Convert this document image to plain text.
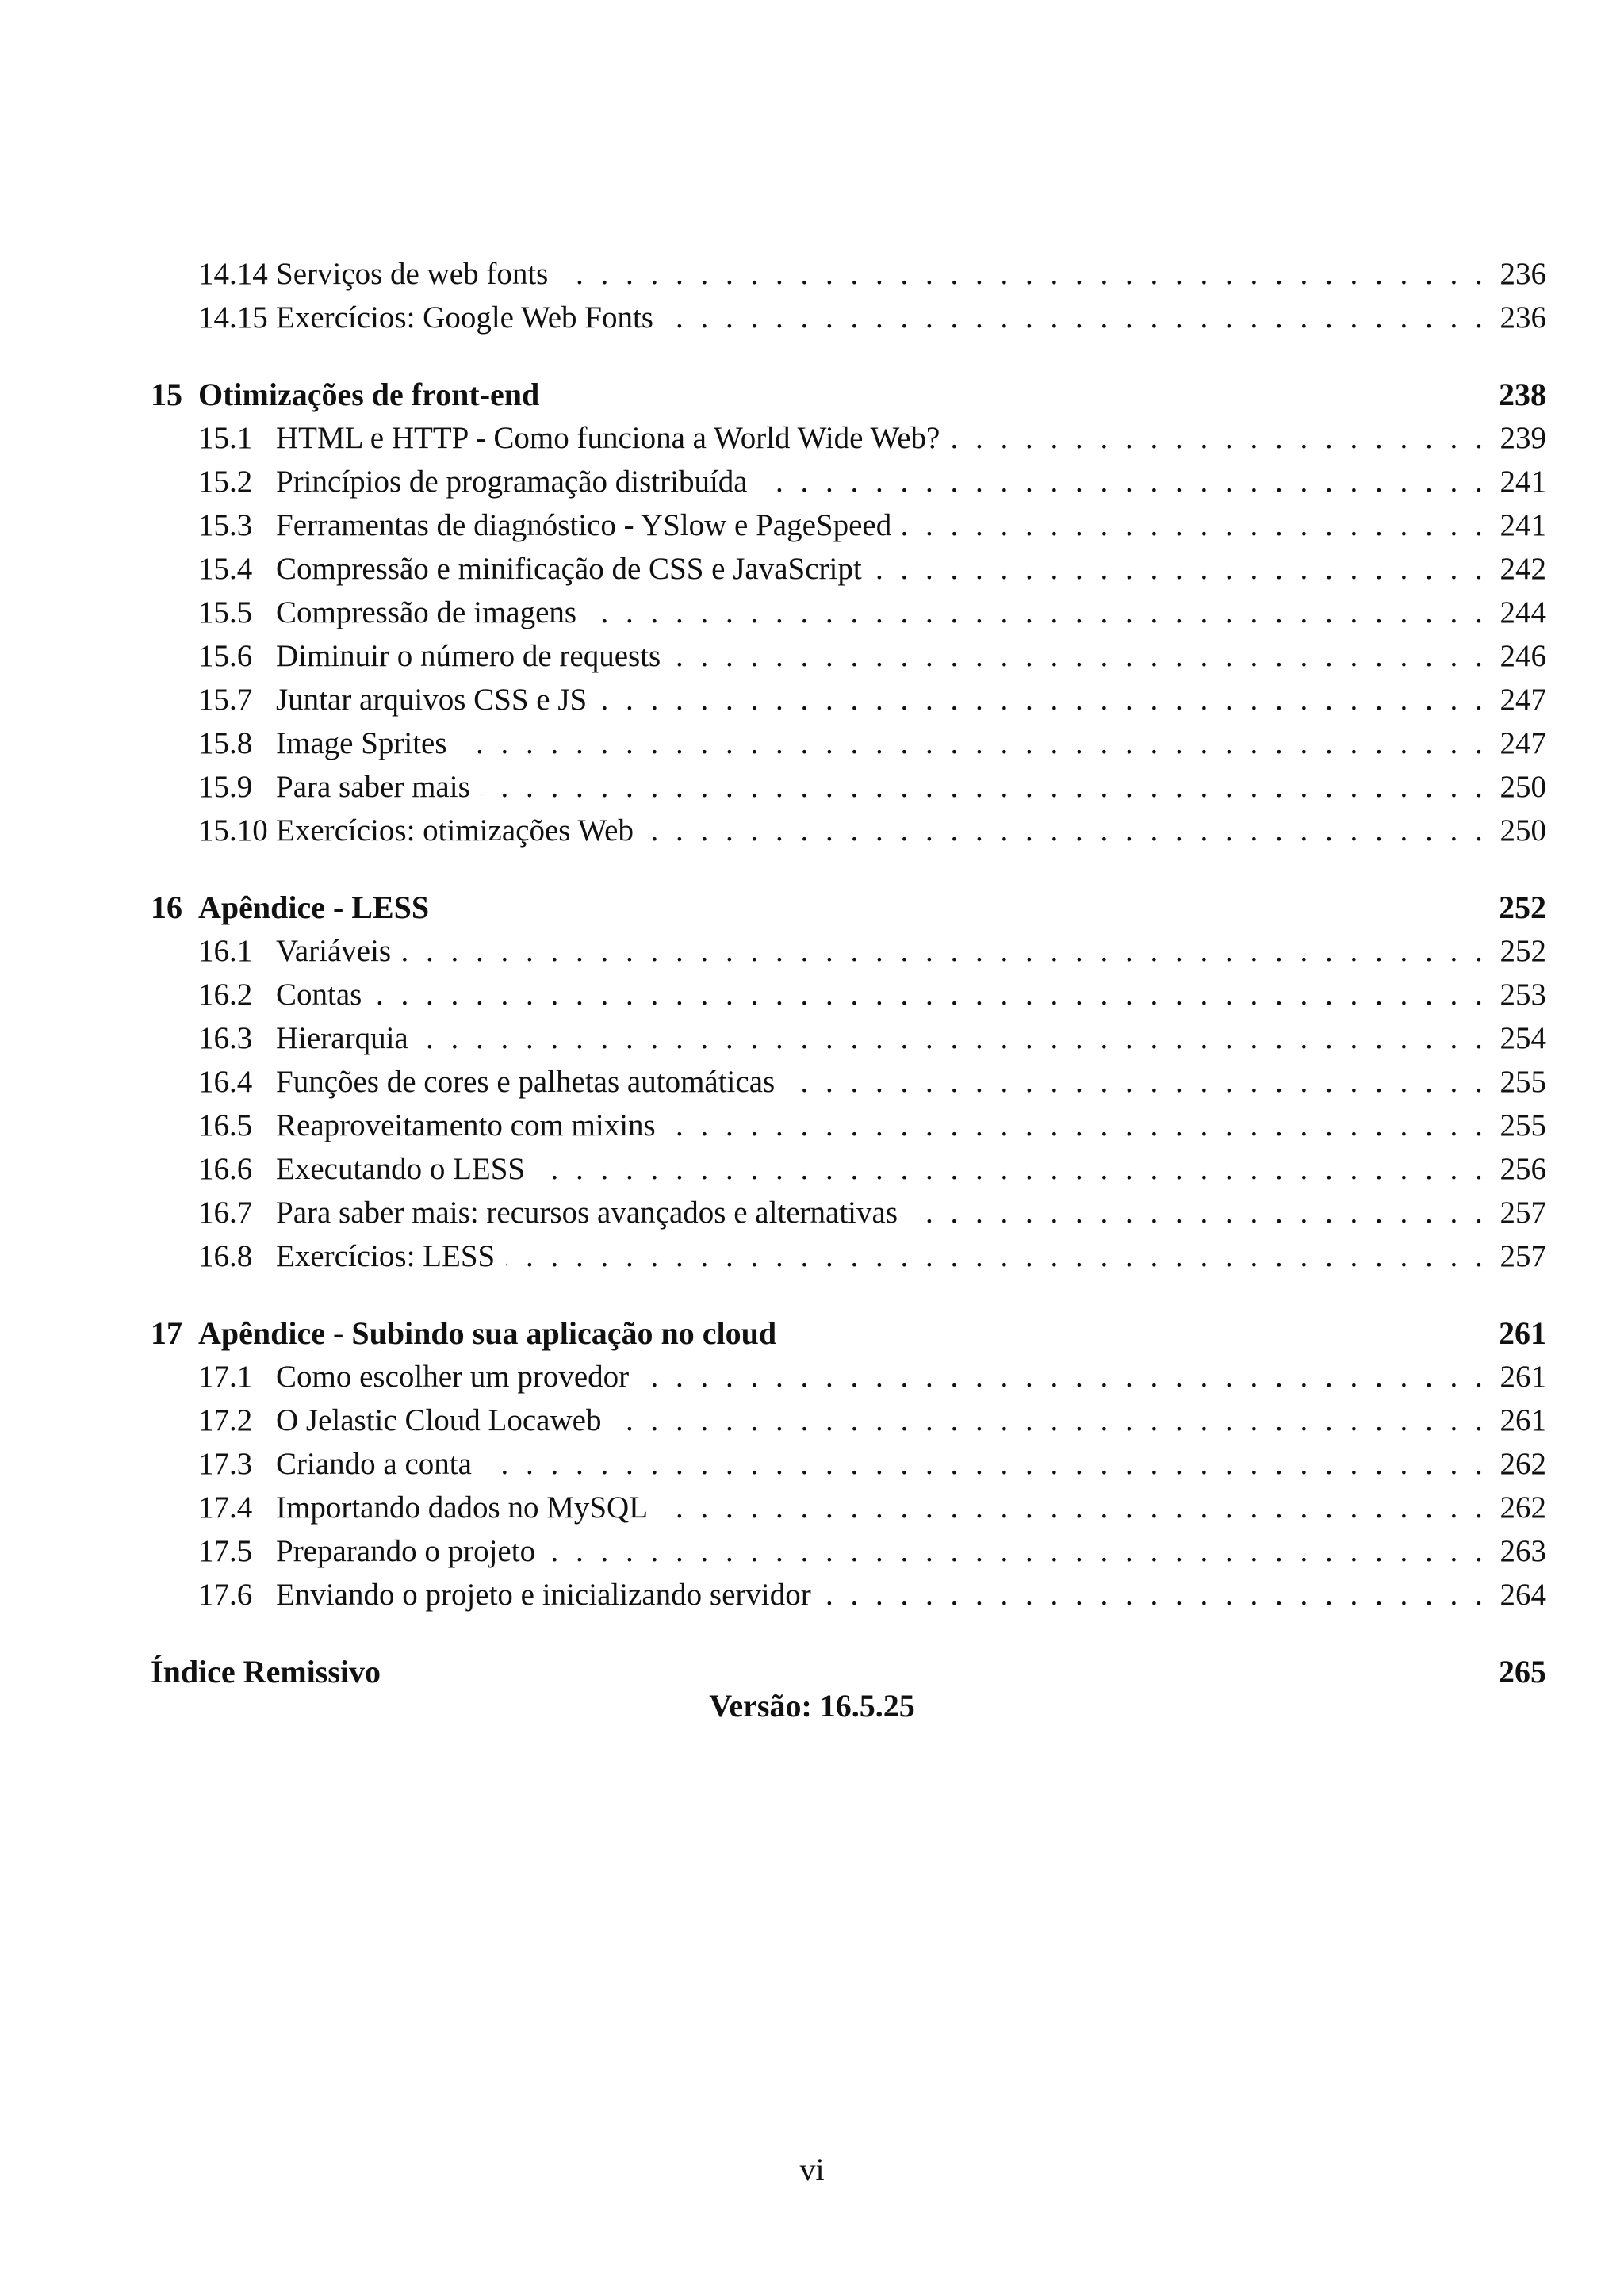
14.14 Serviços de web fonts . . .	236
14.15 Exercícios: Google Web Fonts . . .	236
15 Otimizações de front-end	238
15.1 HTML e HTTP - Como funciona a World Wide Web? . . .	239
15.2 Princípios de programação distribuída . . .	241
15.3 Ferramentas de diagnóstico - YSlow e PageSpeed . . .	241
15.4 Compressão e minificação de CSS e JavaScript . . .	242
15.5 Compressão de imagens . . .	244
15.6 Diminuir o número de requests . . .	246
15.7 Juntar arquivos CSS e JS . . .	247
15.8 Image Sprites . . .	247
15.9 Para saber mais . . .	250
15.10 Exercícios: otimizações Web . . .	250
16 Apêndice - LESS	252
16.1 Variáveis . . .	252
16.2 Contas . . .	253
16.3 Hierarquia . . .	254
16.4 Funções de cores e palhetas automáticas . . .	255
16.5 Reaproveitamento com mixins . . .	255
16.6 Executando o LESS . . .	256
16.7 Para saber mais: recursos avançados e alternativas . . .	257
16.8 Exercícios: LESS . . .	257
17 Apêndice - Subindo sua aplicação no cloud	261
17.1 Como escolher um provedor . . .	261
17.2 O Jelastic Cloud Locaweb . . .	261
17.3 Criando a conta . . .	262
17.4 Importando dados no MySQL . . .	262
17.5 Preparando o projeto . . .	263
17.6 Enviando o projeto e inicializando servidor . . .	264
Índice Remissivo	265
Versão: 16.5.25
vi
